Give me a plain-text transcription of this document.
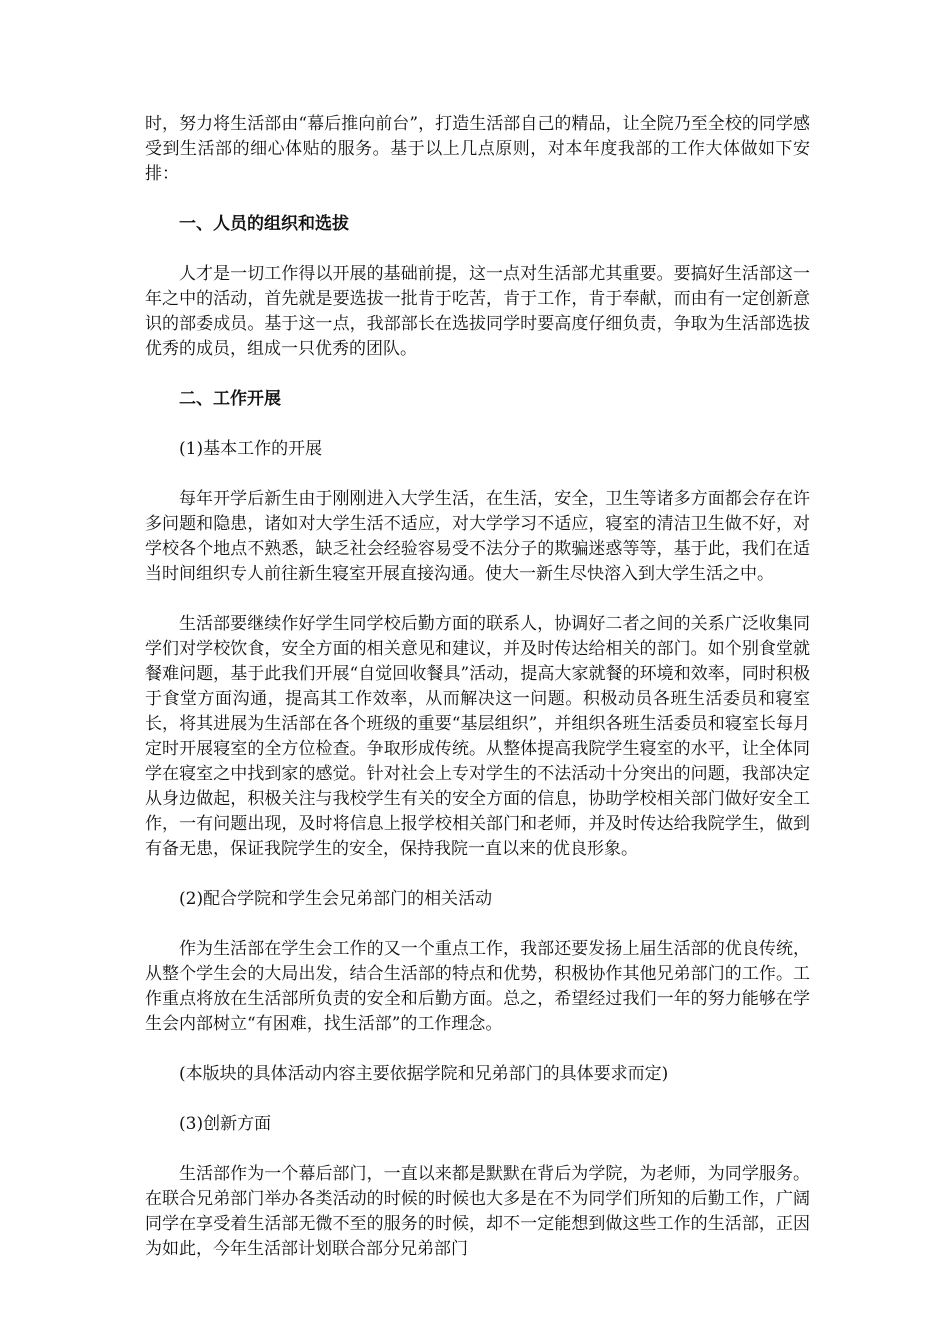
时，努力将生活部由“幕后推向前台”，打造生活部自己的精品，让全院乃至全校的同学感受到生活部的细心体贴的服务。基于以上几点原则，对本年度我部的工作大体做如下安排：

一、人员的组织和选拔

人才是一切工作得以开展的基础前提，这一点对生活部尤其重要。要搞好生活部这一年之中的活动，首先就是要选拔一批肯于吃苦，肯于工作，肯于奉献，而由有一定创新意识的部委成员。基于这一点，我部部长在选拔同学时要高度仔细负责，争取为生活部选拔优秀的成员，组成一只优秀的团队。

二、工作开展

(1)基本工作的开展

每年开学后新生由于刚刚进入大学生活，在生活，安全，卫生等诸多方面都会存在许多问题和隐患，诸如对大学生活不适应，对大学学习不适应，寝室的清洁卫生做不好，对学校各个地点不熟悉，缺乏社会经验容易受不法分子的欺骗迷惑等等，基于此，我们在适当时间组织专人前往新生寝室开展直接沟通。使大一新生尽快溶入到大学生活之中。

生活部要继续作好学生同学校后勤方面的联系人，协调好二者之间的关系广泛收集同学们对学校饮食，安全方面的相关意见和建议，并及时传达给相关的部门。如个别食堂就餐难问题，基于此我们开展“自觉回收餐具”活动，提高大家就餐的环境和效率，同时积极于食堂方面沟通，提高其工作效率，从而解决这一问题。积极动员各班生活委员和寝室长，将其进展为生活部在各个班级的重要“基层组织”，并组织各班生活委员和寝室长每月定时开展寝室的全方位检查。争取形成传统。从整体提高我院学生寝室的水平，让全体同学在寝室之中找到家的感觉。针对社会上专对学生的不法活动十分突出的问题，我部决定从身边做起，积极关注与我校学生有关的安全方面的信息，协助学校相关部门做好安全工作，一有问题出现，及时将信息上报学校相关部门和老师，并及时传达给我院学生，做到有备无患，保证我院学生的安全，保持我院一直以来的优良形象。

(2)配合学院和学生会兄弟部门的相关活动

作为生活部在学生会工作的又一个重点工作，我部还要发扬上届生活部的优良传统，从整个学生会的大局出发，结合生活部的特点和优势，积极协作其他兄弟部门的工作。工作重点将放在生活部所负责的安全和后勤方面。总之，希望经过我们一年的努力能够在学生会内部树立“有困难，找生活部”的工作理念。

(本版块的具体活动内容主要依据学院和兄弟部门的具体要求而定)

(3)创新方面

生活部作为一个幕后部门，一直以来都是默默在背后为学院，为老师，为同学服务。在联合兄弟部门举办各类活动的时候的时候也大多是在不为同学们所知的后勤工作，广阔同学在享受着生活部无微不至的服务的时候，却不一定能想到做这些工作的生活部，正因为如此，今年生活部计划联合部分兄弟部门
